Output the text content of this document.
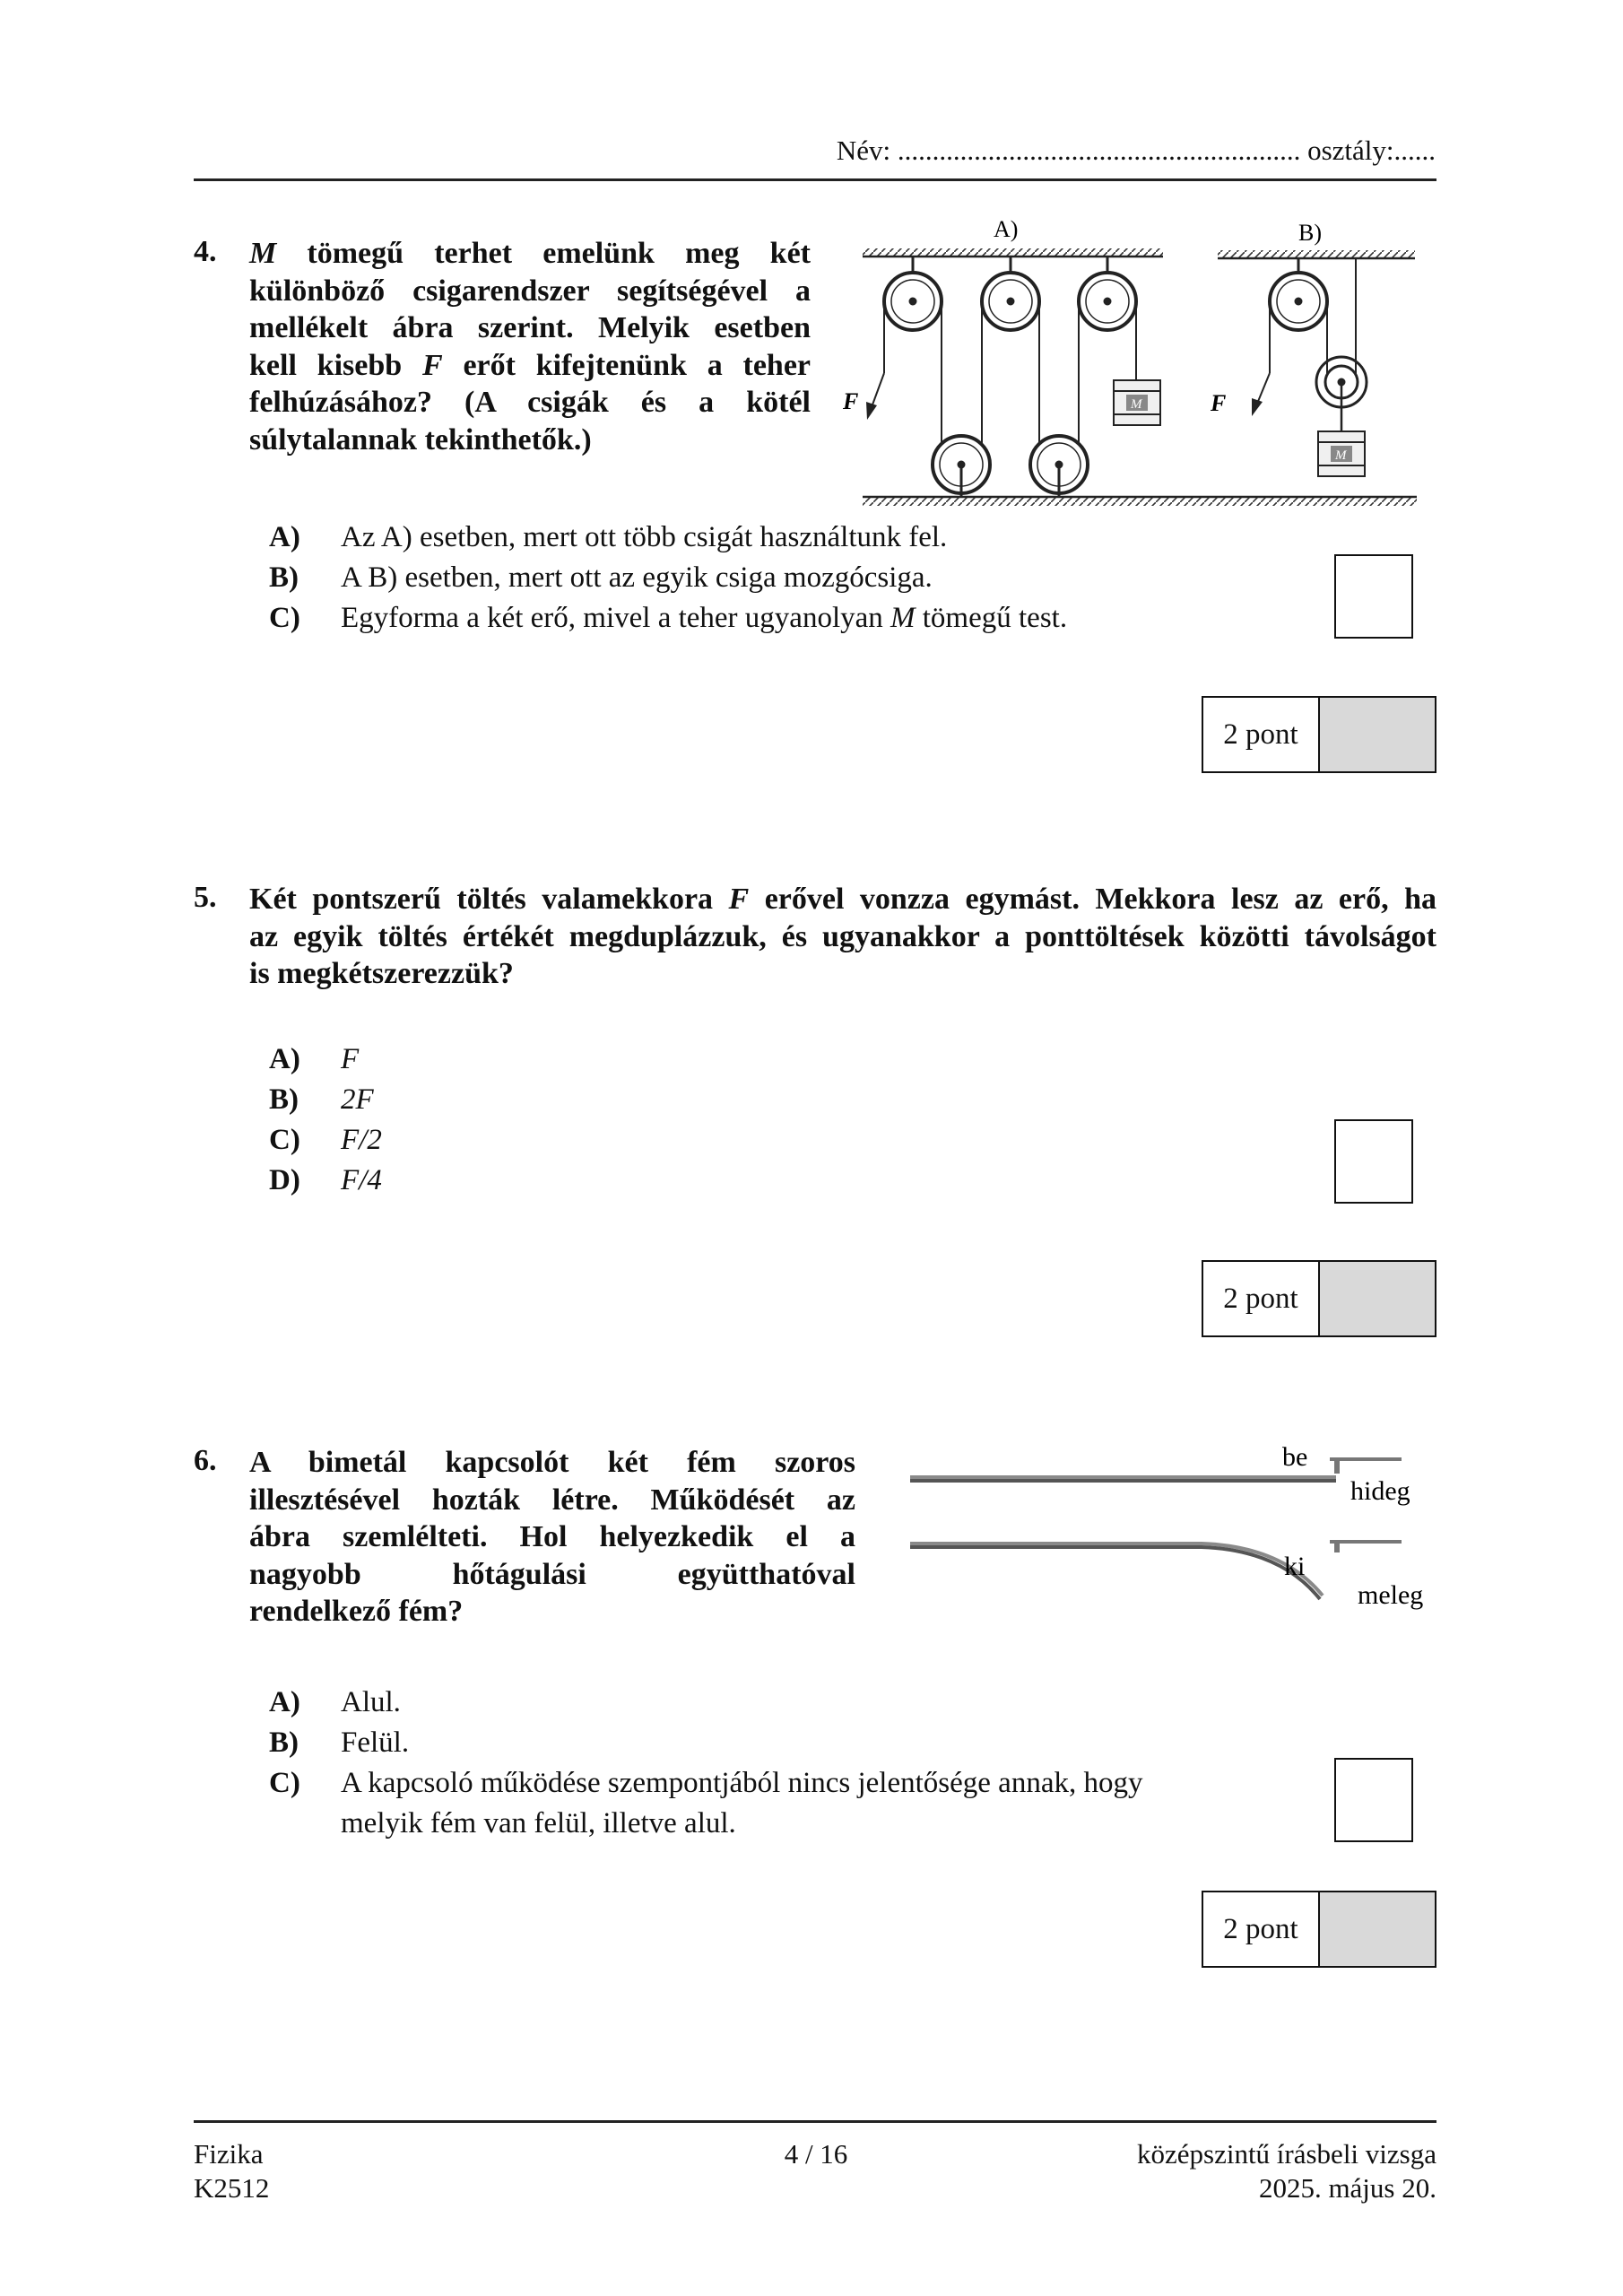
Név: .......................................................... osztály:......
4. M tömegű terhet emelünk meg két
különböző csigarendszer segítségével a
mellékelt ábra szerint. Melyik esetben
kell kisebb F erőt kifejtenünk a teher
felhúzásához? (A csigák és a kötél
súlytalannak tekinthetők.)
A)	B)
M
F
M
F
A) Az A) esetben, mert ott több csigát használtunk fel.
B) A B) esetben, mert ott az egyik csiga mozgócsiga.
C) Egyforma a két erő, mivel a teher ugyanolyan M tömegű test.
2 pont
5. Két pontszerű töltés valamekkora F erővel vonzza egymást. Mekkora lesz az erő, ha
az egyik töltés értékét megduplázzuk, és ugyanakkor a ponttöltések közötti távolságot
is megkétszerezzük?
A) F
B) 2F
C) F/2
D) F/4
2 pont
6. A bimetál kapcsolót két fém szoros
illesztésével hozták létre. Működését az
ábra szemlélteti. Hol helyezkedik el a
nagyobb hőtágulási együtthatóval
rendelkező fém?
be
hideg
ki
meleg
A) Alul.
B) Felül.
C) A kapcsoló működése szempontjából nincs jelentősége annak, hogy
melyik fém van felül, illetve alul.
2 pont
Fizika
K2512
4 / 16	középszintű írásbeli vizsga
2025. május 20.
